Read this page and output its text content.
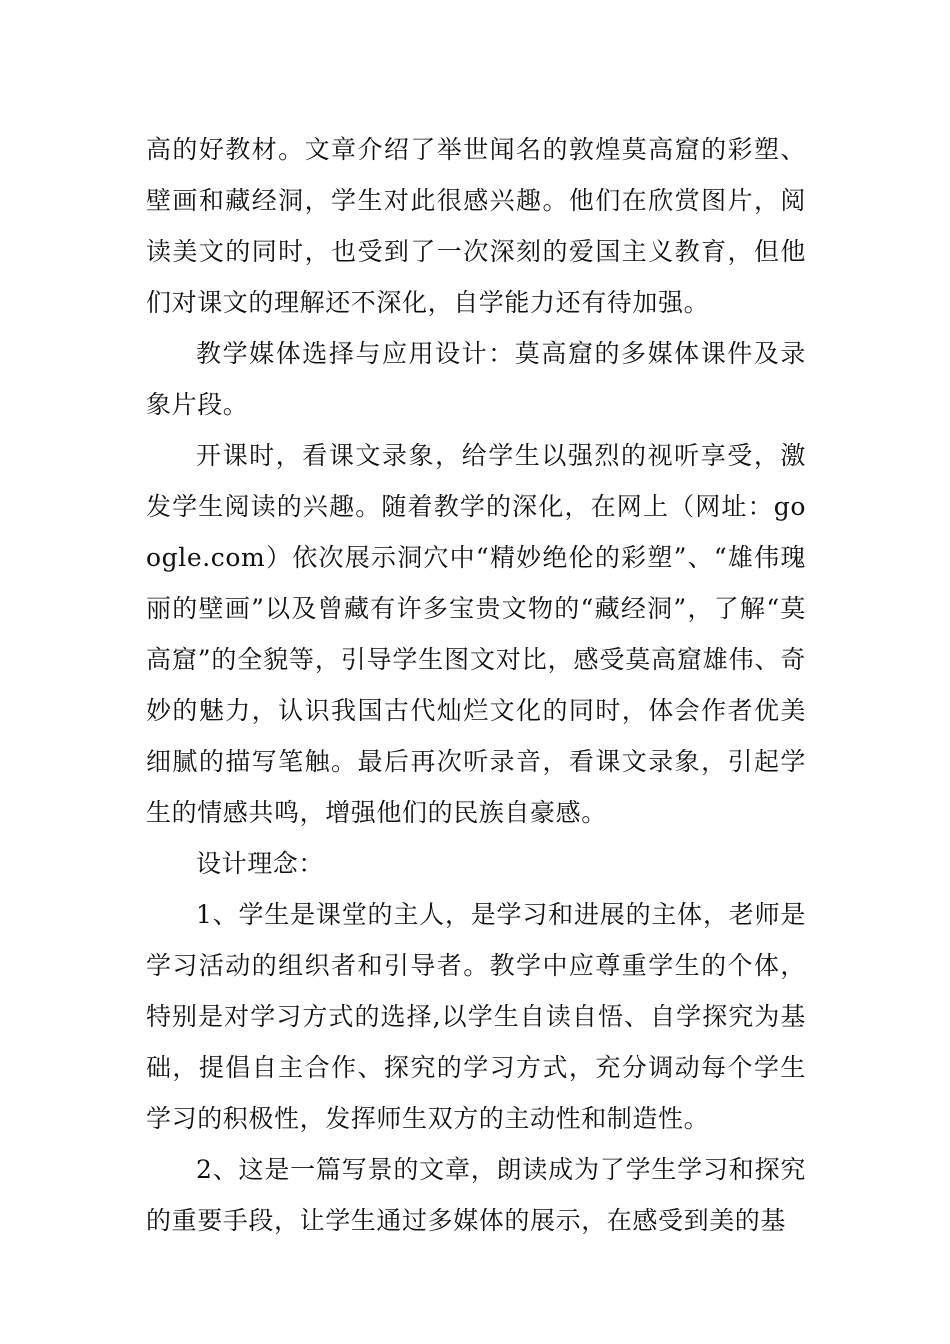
高的好教材。文章介绍了举世闻名的敦煌莫高窟的彩塑、壁画和藏经洞，学生对此很感兴趣。他们在欣赏图片，阅读美文的同时，也受到了一次深刻的爱国主义教育，但他们对课文的理解还不深化，自学能力还有待加强。

教学媒体选择与应用设计：莫高窟的多媒体课件及录象片段。

开课时，看课文录象，给学生以强烈的视听享受，激发学生阅读的兴趣。随着教学的深化，在网上（网址：google.com）依次展示洞穴中“精妙绝伦的彩塑”、“雄伟瑰丽的壁画”以及曾藏有许多宝贵文物的“藏经洞”，了解“莫高窟”的全貌等，引导学生图文对比，感受莫高窟雄伟、奇妙的魅力，认识我国古代灿烂文化的同时，体会作者优美细腻的描写笔触。最后再次听录音，看课文录象，引起学生的情感共鸣，增强他们的民族自豪感。

设计理念：

1、学生是课堂的主人，是学习和进展的主体，老师是学习活动的组织者和引导者。教学中应尊重学生的个体，特别是对学习方式的选择,以学生自读自悟、自学探究为基础，提倡自主合作、探究的学习方式，充分调动每个学生学习的积极性，发挥师生双方的主动性和制造性。

2、这是一篇写景的文章，朗读成为了学生学习和探究的重要手段，让学生通过多媒体的展示，在感受到美的基
